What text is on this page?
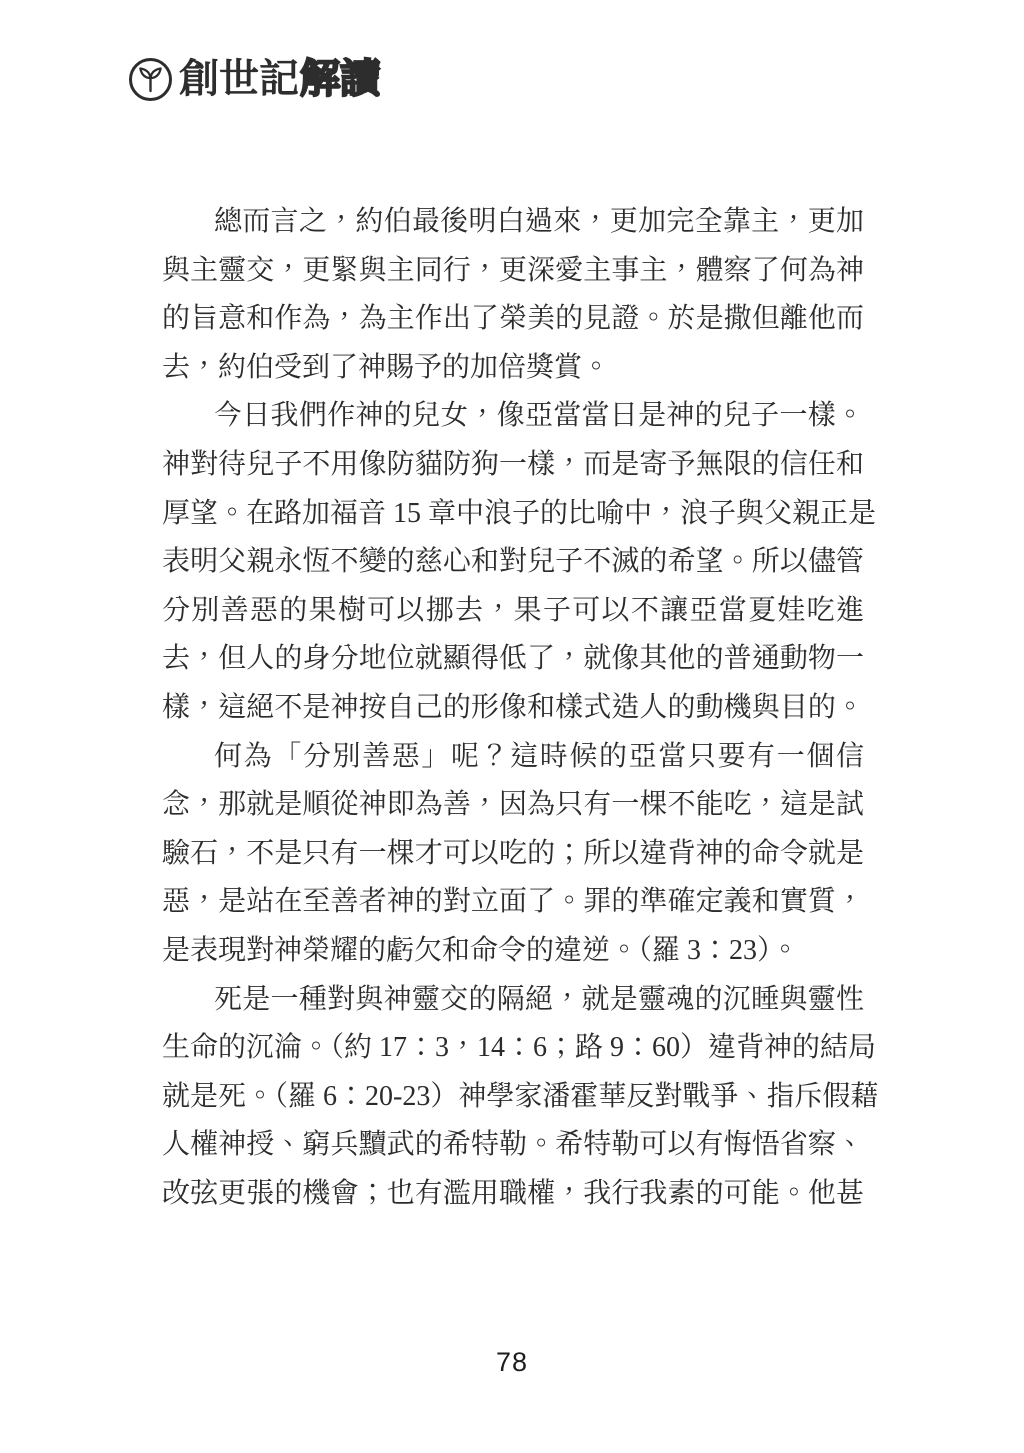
創世記 解讀
總而言之，約伯最後明白過來，更加完全靠主，更加
與主靈交，更緊與主同行，更深愛主事主，體察了何為神
的旨意和作為，為主作出了榮美的見證。於是撒但離他而
去，約伯受到了神賜予的加倍獎賞。
今日我們作神的兒女，像亞當當日是神的兒子一樣。
神對待兒子不用像防貓防狗一樣，而是寄予無限的信任和
厚望。在路加福音 15 章中浪子的比喻中，浪子與父親正是
表明父親永恆不變的慈心和對兒子不滅的希望。所以儘管
分別善惡的果樹可以挪去，果子可以不讓亞當夏娃吃進
去，但人的身分地位就顯得低了，就像其他的普通動物一
樣，這絕不是神按自己的形像和樣式造人的動機與目的。
何為「分別善惡」呢？這時候的亞當只要有一個信
念，那就是順從神即為善，因為只有一棵不能吃，這是試
驗石，不是只有一棵才可以吃的；所以違背神的命令就是
惡，是站在至善者神的對立面了。罪的準確定義和實質，
是表現對神榮耀的虧欠和命令的違逆。（羅 3：23）。
死是一種對與神靈交的隔絕，就是靈魂的沉睡與靈性
生命的沉淪。（約 17：3，14：6；路 9：60）違背神的結局
就是死。（羅 6：20-23）神學家潘霍華反對戰爭、指斥假藉
人權神授、窮兵黷武的希特勒。希特勒可以有悔悟省察、
改弦更張的機會；也有濫用職權，我行我素的可能。他甚
78
